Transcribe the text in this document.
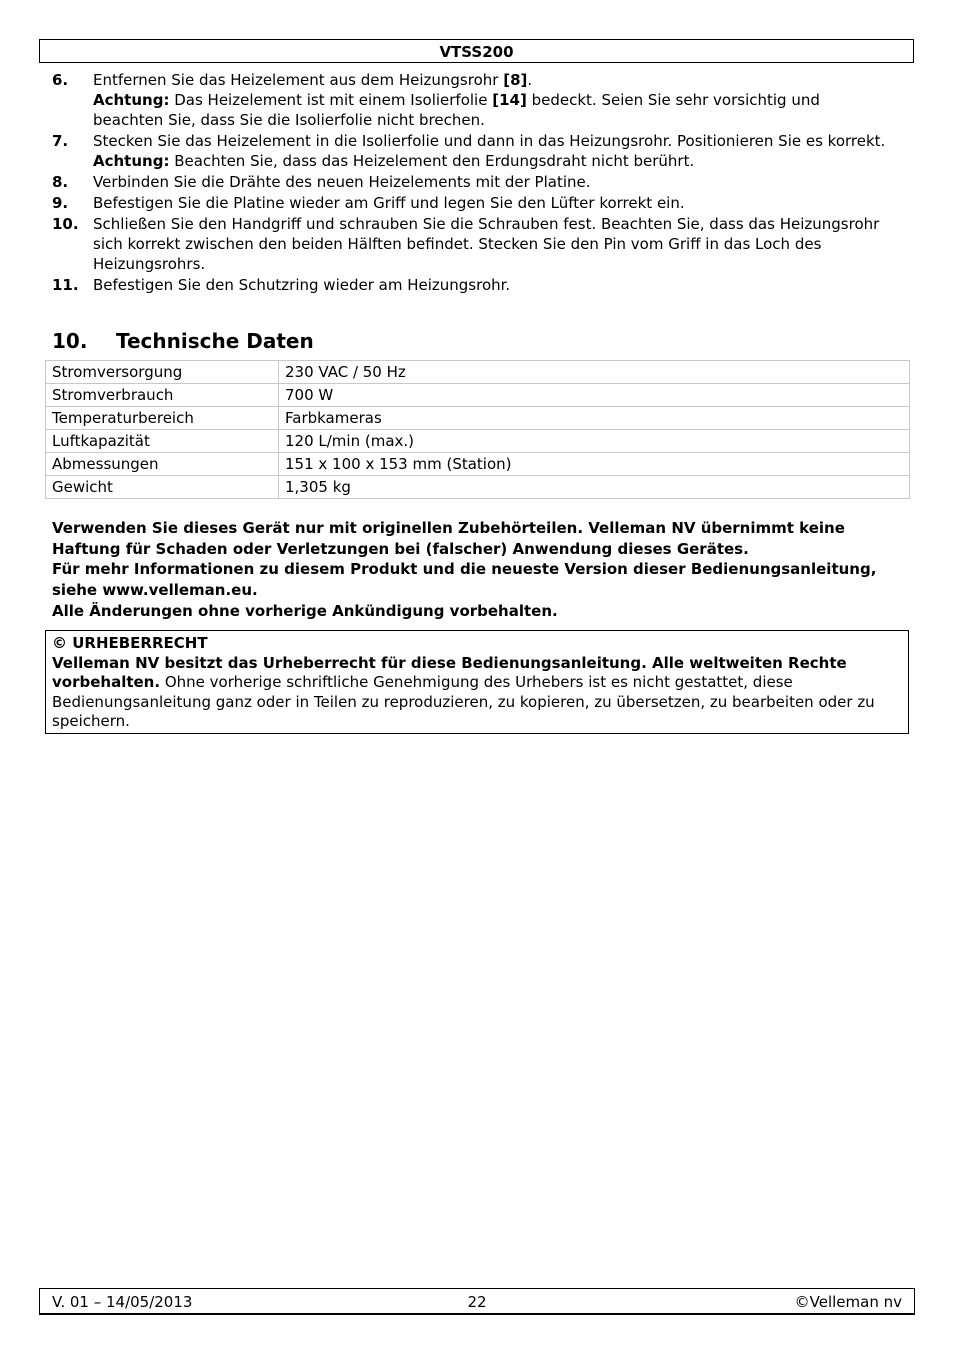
VTSS200
6.	Entfernen Sie das Heizelement aus dem Heizungsrohr [8].
Achtung: Das Heizelement ist mit einem Isolierfolie [14] bedeckt. Seien Sie sehr vorsichtig und beachten Sie, dass Sie die Isolierfolie nicht brechen.
7.	Stecken Sie das Heizelement in die Isolierfolie und dann in das Heizungsrohr. Positionieren Sie es korrekt.
Achtung: Beachten Sie, dass das Heizelement den Erdungsdraht nicht berührt.
8.	Verbinden Sie die Drähte des neuen Heizelements mit der Platine.
9.	Befestigen Sie die Platine wieder am Griff und legen Sie den Lüfter korrekt ein.
10. Schließen Sie den Handgriff und schrauben Sie die Schrauben fest. Beachten Sie, dass das Heizungsrohr sich korrekt zwischen den beiden Hälften befindet. Stecken Sie den Pin vom Griff in das Loch des Heizungsrohrs.
11. Befestigen Sie den Schutzring wieder am Heizungsrohr.
10. Technische Daten
Stromversorgung	230 VAC / 50 Hz
Stromverbrauch	700 W
Temperaturbereich	Farbkameras
Luftkapazität	120 L/min (max.)
Abmessungen	151 x 100 x 153 mm (Station)
Gewicht	1,305 kg

Verwenden Sie dieses Gerät nur mit originellen Zubehörteilen. Velleman NV übernimmt keine Haftung für Schaden oder Verletzungen bei (falscher) Anwendung dieses Gerätes.

Für mehr Informationen zu diesem Produkt und die neueste Version dieser Bedienungsanleitung, siehe www.velleman.eu.

Alle Änderungen ohne vorherige Ankündigung vorbehalten.

© URHEBERRECHT

Velleman NV besitzt das Urheberrecht für diese Bedienungsanleitung. Alle weltweiten Rechte vorbehalten. Ohne vorherige schriftliche Genehmigung des Urhebers ist es nicht gestattet, diese Bedienungsanleitung ganz oder in Teilen zu reproduzieren, zu kopieren, zu übersetzen, zu bearbeiten oder zu speichern.

V. 01 – 14/05/2013	22	©Velleman nv
